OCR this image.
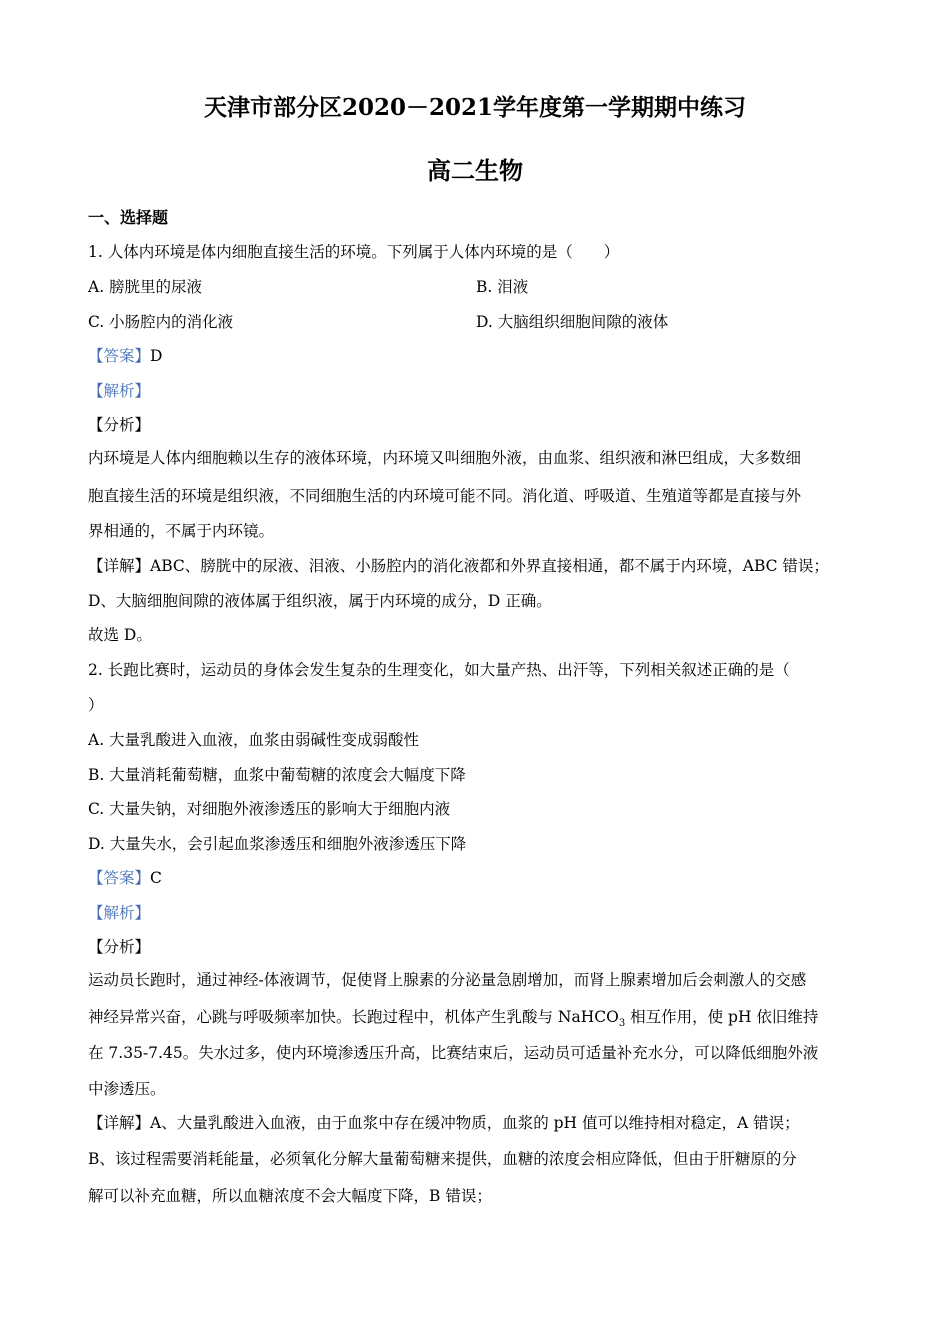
天津市部分区2020－2021学年度第一学期期中练习
高二生物

一、选择题

1. 人体内环境是体内细胞直接生活的环境。下列属于人体内环境的是（　　）

A. 膀胱里的尿液	B. 泪液

C. 小肠腔内的消化液	D. 大脑组织细胞间隙的液体

【答案】D

【解析】

【分析】

内环境是人体内细胞赖以生存的液体环境，内环境又叫细胞外液，由血浆、组织液和淋巴组成，大多数细

胞直接生活的环境是组织液，不同细胞生活的内环境可能不同。消化道、呼吸道、生殖道等都是直接与外

界相通的，不属于内环镜。

【详解】ABC、膀胱中的尿液、泪液、小肠腔内的消化液都和外界直接相通，都不属于内环境，ABC 错误；

D、大脑细胞间隙的液体属于组织液，属于内环境的成分，D 正确。

故选 D。

2. 长跑比赛时，运动员的身体会发生复杂的生理变化，如大量产热、出汗等，下列相关叙述正确的是（

）

A. 大量乳酸进入血液，血浆由弱碱性变成弱酸性

B. 大量消耗葡萄糖，血浆中葡萄糖的浓度会大幅度下降

C. 大量失钠，对细胞外液渗透压的影响大于细胞内液

D. 大量失水，会引起血浆渗透压和细胞外液渗透压下降

【答案】C

【解析】

【分析】

运动员长跑时，通过神经-体液调节，促使肾上腺素的分泌量急剧增加，而肾上腺素增加后会刺激人的交感

神经异常兴奋，心跳与呼吸频率加快。长跑过程中，机体产生乳酸与 NaHCO$_3$ 相互作用，使 pH 依旧维持

在 7.35-7.45。失水过多，使内环境渗透压升高，比赛结束后，运动员可适量补充水分，可以降低细胞外液

中渗透压。

【详解】A、大量乳酸进入血液，由于血浆中存在缓冲物质，血浆的 pH 值可以维持相对稳定，A 错误；

B、该过程需要消耗能量，必须氧化分解大量葡萄糖来提供，血糖的浓度会相应降低，但由于肝糖原的分

解可以补充血糖，所以血糖浓度不会大幅度下降，B 错误；
